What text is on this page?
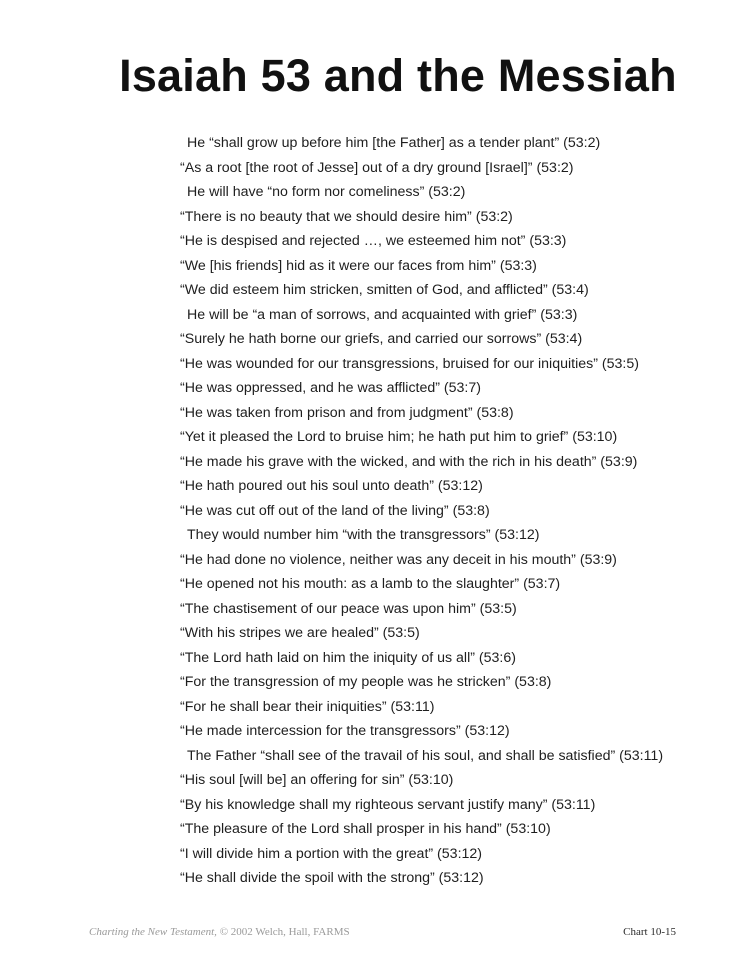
Isaiah 53 and the Messiah
He “shall grow up before him [the Father] as a tender plant” (53:2)
“As a root [the root of Jesse] out of a dry ground [Israel]” (53:2)
He will have “no form nor comeliness” (53:2)
“There is no beauty that we should desire him” (53:2)
“He is despised and rejected …, we esteemed him not” (53:3)
“We [his friends] hid as it were our faces from him” (53:3)
“We did esteem him stricken, smitten of God, and afflicted” (53:4)
He will be “a man of sorrows, and acquainted with grief” (53:3)
“Surely he hath borne our griefs, and carried our sorrows” (53:4)
“He was wounded for our transgressions, bruised for our iniquities” (53:5)
“He was oppressed, and he was afflicted” (53:7)
“He was taken from prison and from judgment” (53:8)
“Yet it pleased the Lord to bruise him; he hath put him to grief” (53:10)
“He made his grave with the wicked, and with the rich in his death” (53:9)
“He hath poured out his soul unto death” (53:12)
“He was cut off out of the land of the living” (53:8)
They would number him “with the transgressors” (53:12)
“He had done no violence, neither was any deceit in his mouth” (53:9)
“He opened not his mouth: as a lamb to the slaughter” (53:7)
“The chastisement of our peace was upon him” (53:5)
“With his stripes we are healed” (53:5)
“The Lord hath laid on him the iniquity of us all” (53:6)
“For the transgression of my people was he stricken” (53:8)
“For he shall bear their iniquities” (53:11)
“He made intercession for the transgressors” (53:12)
The Father “shall see of the travail of his soul, and shall be satisfied” (53:11)
“His soul [will be] an offering for sin” (53:10)
“By his knowledge shall my righteous servant justify many” (53:11)
“The pleasure of the Lord shall prosper in his hand” (53:10)
“I will divide him a portion with the great” (53:12)
“He shall divide the spoil with the strong” (53:12)
Charting the New Testament, © 2002 Welch, Hall, FARMS	Chart 10-15
